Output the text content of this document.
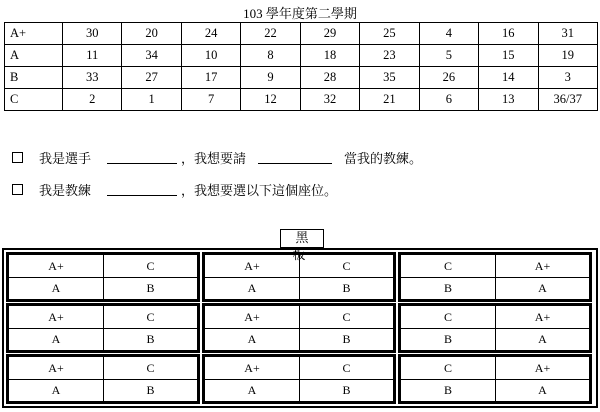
103 學年度第二學期
A+	30	20	24	22	29	25	4	16	31
A	11	34	10	8	18	23	5	15	19
B	33	27	17	9	28	35	26	14	3
C	2	1	7	12	32	21	6	13	36/37
我是選手	，我想要請	當我的教練。
我是教練	，我想要選以下這個座位。
黑板
A+	C
A	B
A+	C
A	B
C	A+
B	A
A+	C
A	B
A+	C
A	B
C	A+
B	A
A+	C
A	B
A+	C
A	B
C	A+
B	A
